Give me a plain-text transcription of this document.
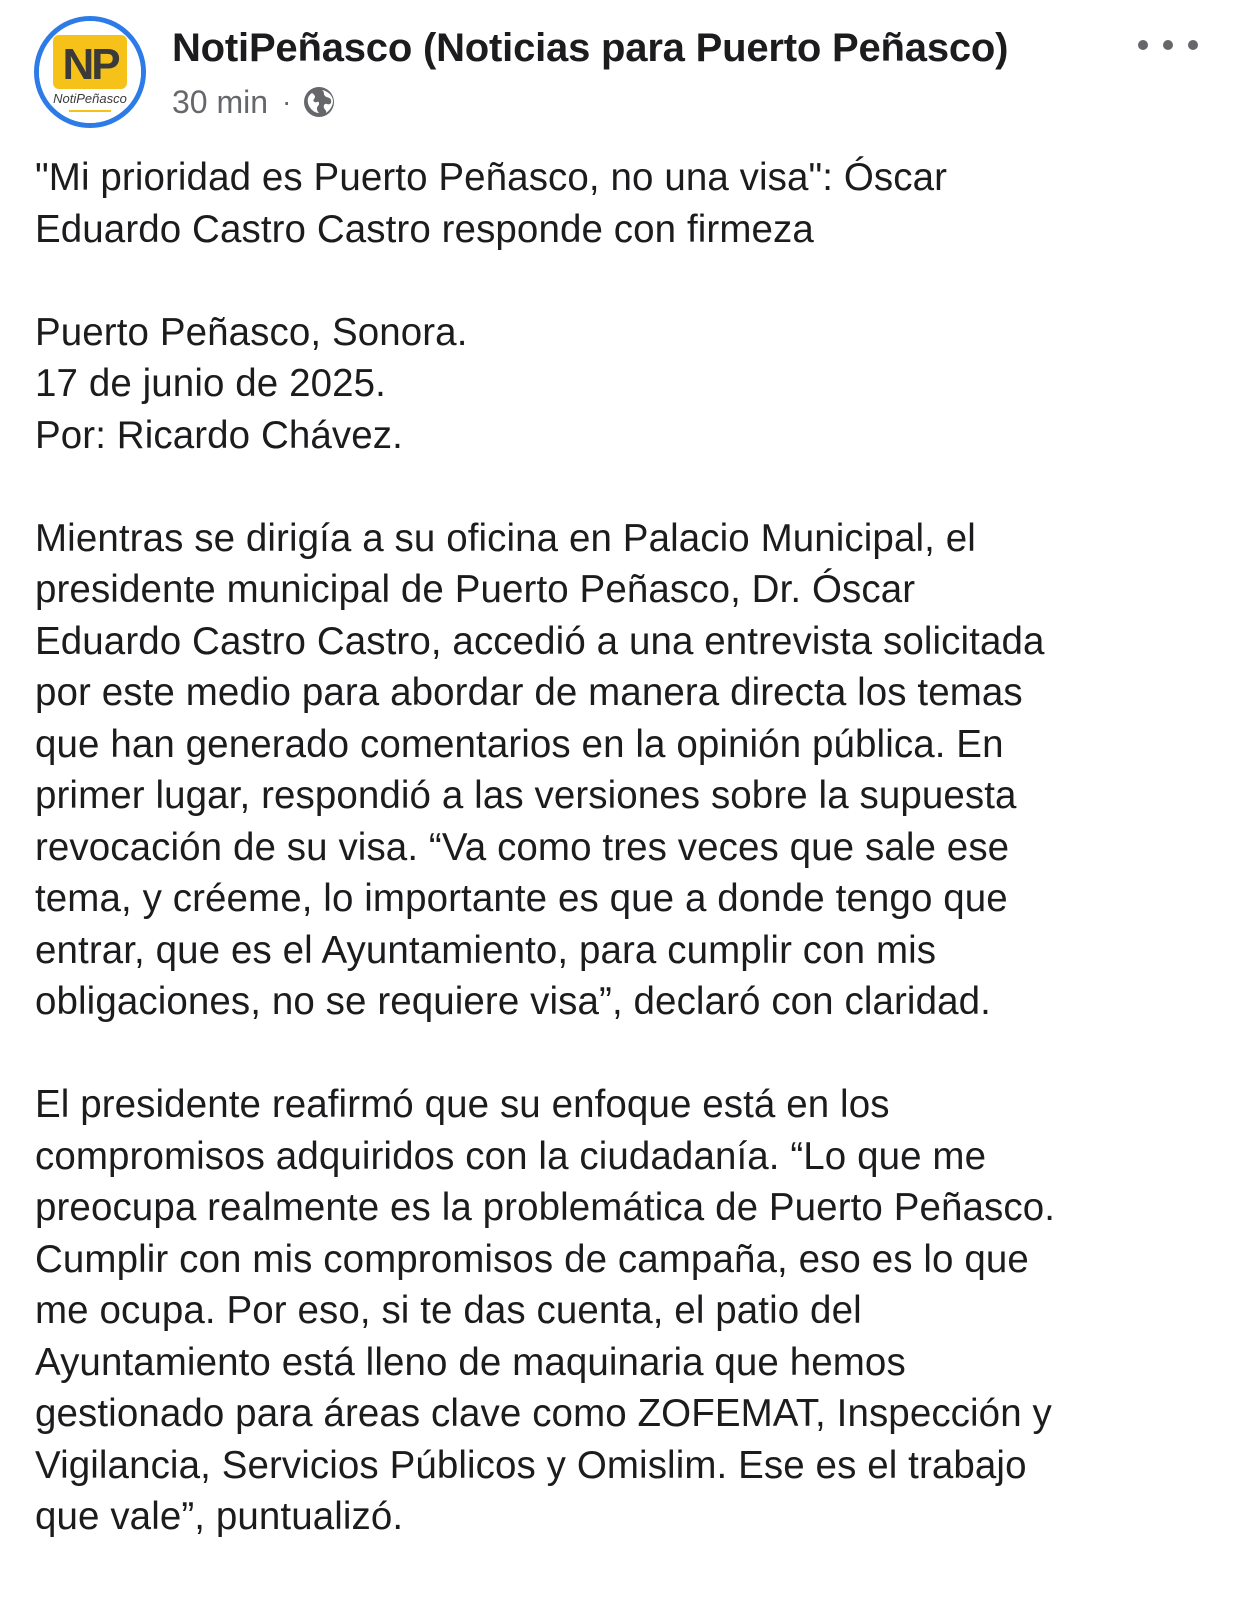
NP
NotiPeñasco
NotiPeñasco (Noticias para Puerto Peñasco)
30 min ·

"Mi prioridad es Puerto Peñasco, no una visa": Óscar
Eduardo Castro Castro responde con firmeza

Puerto Peñasco, Sonora.
17 de junio de 2025.
Por: Ricardo Chávez.

Mientras se dirigía a su oficina en Palacio Municipal, el
presidente municipal de Puerto Peñasco, Dr. Óscar
Eduardo Castro Castro, accedió a una entrevista solicitada
por este medio para abordar de manera directa los temas
que han generado comentarios en la opinión pública. En
primer lugar, respondió a las versiones sobre la supuesta
revocación de su visa. “Va como tres veces que sale ese
tema, y créeme, lo importante es que a donde tengo que
entrar, que es el Ayuntamiento, para cumplir con mis
obligaciones, no se requiere visa”, declaró con claridad.

El presidente reafirmó que su enfoque está en los
compromisos adquiridos con la ciudadanía. “Lo que me
preocupa realmente es la problemática de Puerto Peñasco.
Cumplir con mis compromisos de campaña, eso es lo que
me ocupa. Por eso, si te das cuenta, el patio del
Ayuntamiento está lleno de maquinaria que hemos
gestionado para áreas clave como ZOFEMAT, Inspección y
Vigilancia, Servicios Públicos y Omislim. Ese es el trabajo
que vale”, puntualizó.
